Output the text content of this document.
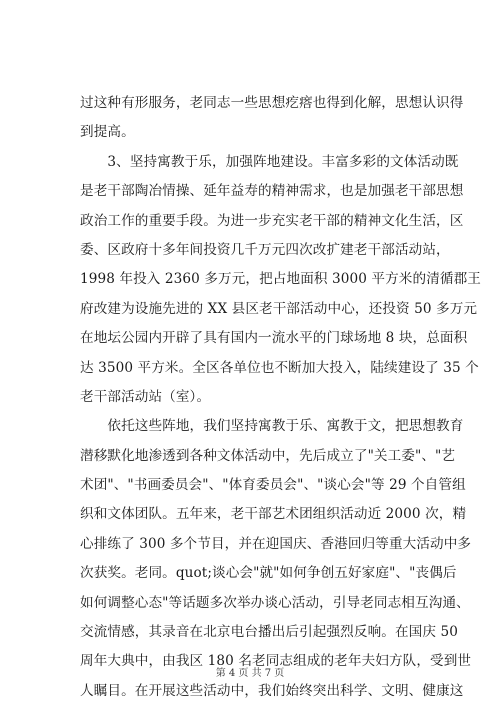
过这种有形服务，老同志一些思想疙瘩也得到化解，思想认识得
到提高。
　　3、坚持寓教于乐，加强阵地建设。丰富多彩的文体活动既
是老干部陶冶情操、延年益寿的精神需求，也是加强老干部思想
政治工作的重要手段。为进一步充实老干部的精神文化生活，区
委、区政府十多年间投资几千万元四次改扩建老干部活动站，
1998 年投入 2360 多万元，把占地面积 3000 平方米的清循郡王
府改建为设施先进的 XX 县区老干部活动中心，还投资 50 多万元
在地坛公园内开辟了具有国内一流水平的门球场地 8 块，总面积
达 3500 平方米。全区各单位也不断加大投入，陆续建设了 35 个
老干部活动站（室）。
　　依托这些阵地，我们坚持寓教于乐、寓教于文，把思想教育
潜移默化地渗透到各种文体活动中，先后成立了"关工委"、"艺
术团"、"书画委员会"、"体育委员会"、"谈心会"等 29 个自管组
织和文体团队。五年来，老干部艺术团组织活动近 2000 次，精
心排练了 300 多个节目，并在迎国庆、香港回归等重大活动中多
次获奖。老同。quot;谈心会"就"如何争创五好家庭"、"丧偶后
如何调整心态"等话题多次举办谈心活动，引导老同志相互沟通、
交流情感，其录音在北京电台播出后引起强烈反响。在国庆 50
周年大典中，由我区 180 名老同志组成的老年夫妇方队，受到世
人瞩目。在开展这些活动中，我们始终突出科学、文明、健康这
第 4 页 共 7 页
